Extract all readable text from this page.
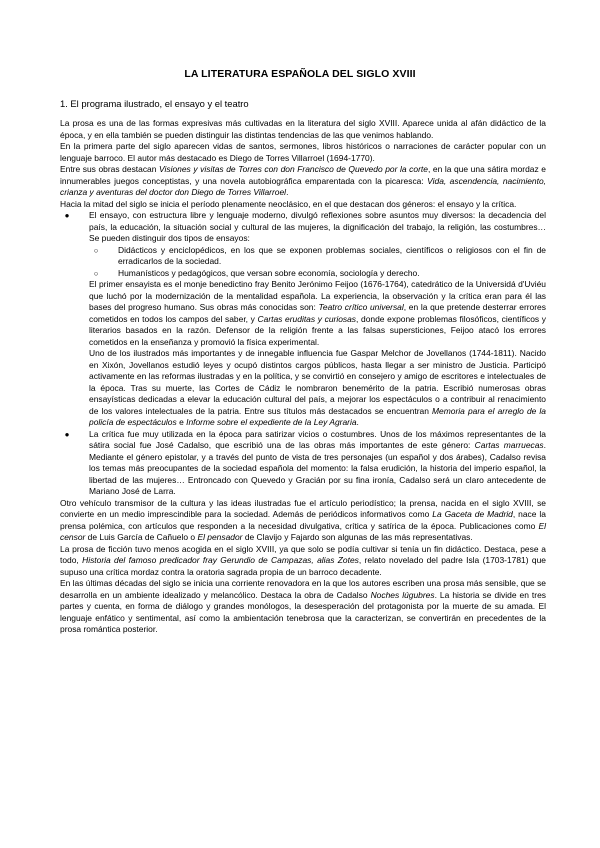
LA LITERATURA ESPAÑOLA DEL SIGLO XVIII
1. El programa ilustrado, el ensayo y el teatro

La prosa es una de las formas expresivas más cultivadas en la literatura del siglo XVIII. Aparece unida al afán didáctico de la época, y en ella también se pueden distinguir las distintas tendencias de las que venimos hablando.

En la primera parte del siglo aparecen vidas de santos, sermones, libros históricos o narraciones de carácter popular con un lenguaje barroco. El autor más destacado es Diego de Torres Villarroel (1694-1770).

Entre sus obras destacan Visiones y visitas de Torres con don Francisco de Quevedo por la corte, en la que una sátira mordaz e innumerables juegos conceptistas, y una novela autobiográfica emparentada con la picaresca: Vida, ascendencia, nacimiento, crianza y aventuras del doctor don Diego de Torres Villarroel.

Hacia la mitad del siglo se inicia el período plenamente neoclásico, en el que destacan dos géneros: el ensayo y la crítica.

●	El ensayo, con estructura libre y lenguaje moderno, divulgó reflexiones sobre asuntos muy diversos: la decadencia del país, la educación, la situación social y cultural de las mujeres, la dignificación del trabajo, la religión, las costumbres… Se pueden distinguir dos tipos de ensayos:
○	Didácticos y enciclopédicos, en los que se exponen problemas sociales, científicos o religiosos con el fin de erradicarlos de la sociedad.
○	Humanísticos y pedagógicos, que versan sobre economía, sociología y derecho.
El primer ensayista es el monje benedictino fray Benito Jerónimo Feijoo (1676-1764), catedrático de la Universidá d'Uviéu que luchó por la modernización de la mentalidad española. La experiencia, la observación y la crítica eran para él las bases del progreso humano. Sus obras más conocidas son: Teatro crítico universal, en la que pretende desterrar errores cometidos en todos los campos del saber, y Cartas eruditas y curiosas, donde expone problemas filosóficos, científicos y literarios basados en la razón. Defensor de la religión frente a las falsas supersticiones, Feijoo atacó los errores cometidos en la enseñanza y promovió la física experimental.
Uno de los ilustrados más importantes y de innegable influencia fue Gaspar Melchor de Jovellanos (1744-1811). Nacido en Xixón, Jovellanos estudió leyes y ocupó distintos cargos públicos, hasta llegar a ser ministro de Justicia. Participó activamente en las reformas ilustradas y en la política, y se convirtió en consejero y amigo de escritores e intelectuales de la época. Tras su muerte, las Cortes de Cádiz le nombraron benemérito de la patria. Escribió numerosas obras ensayísticas dedicadas a elevar la educación cultural del país, a mejorar los espectáculos o a contribuir al renacimiento de los valores intelectuales de la patria. Entre sus títulos más destacados se encuentran Memoria para el arreglo de la policía de espectáculos e Informe sobre el expediente de la Ley Agraria.
●	La crítica fue muy utilizada en la época para satirizar vicios o costumbres. Unos de los máximos representantes de la sátira social fue José Cadalso, que escribió una de las obras más importantes de este género: Cartas marruecas. Mediante el género epistolar, y a través del punto de vista de tres personajes (un español y dos árabes), Cadalso revisa los temas más preocupantes de la sociedad española del momento: la falsa erudición, la historia del imperio español, la libertad de las mujeres… Entroncado con Quevedo y Gracián por su fina ironía, Cadalso será un claro antecedente de Mariano José de Larra.

Otro vehículo transmisor de la cultura y las ideas ilustradas fue el artículo periodístico; la prensa, nacida en el siglo XVIII, se convierte en un medio imprescindible para la sociedad. Además de periódicos informativos como La Gaceta de Madrid, nace la prensa polémica, con artículos que responden a la necesidad divulgativa, crítica y satírica de la época. Publicaciones como El censor de Luis García de Cañuelo o El pensador de Clavijo y Fajardo son algunas de las más representativas.

La prosa de ficción tuvo menos acogida en el siglo XVIII, ya que solo se podía cultivar si tenía un fin didáctico. Destaca, pese a todo, Historia del famoso predicador fray Gerundio de Campazas, alias Zotes, relato novelado del padre Isla (1703-1781) que supuso una crítica mordaz contra la oratoria sagrada propia de un barroco decadente.

En las últimas décadas del siglo se inicia una corriente renovadora en la que los autores escriben una prosa más sensible, que se desarrolla en un ambiente idealizado y melancólico. Destaca la obra de Cadalso Noches lúgubres. La historia se divide en tres partes y cuenta, en forma de diálogo y grandes monólogos, la desesperación del protagonista por la muerte de su amada. El lenguaje enfático y sentimental, así como la ambientación tenebrosa que la caracterizan, se convertirán en precedentes de la prosa romántica posterior.
